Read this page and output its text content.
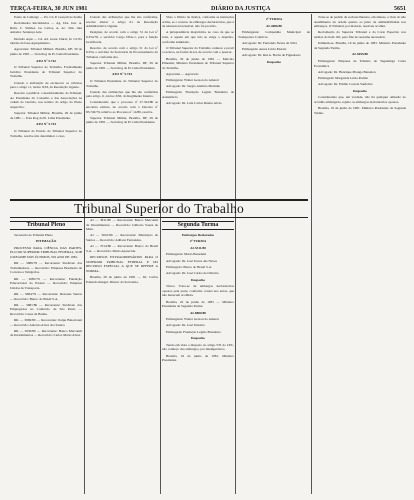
TERÇA-FEIRA, 30 JUN 1981	DIÁRIO DA JUSTIÇA	5651

Ponto de Camargo — Pá. Cd. P. Gonçalves Zenha

Reclamados Reclamados — Ag. Dra. Jurí. A. Rubs. C. Simões. Go Carlos, A. Ac. Sim. Juiz Amador. Sentença Arte.

Decisão Aqui — Cd. Ad. Gonz. Durai, D. Cd Pó tabelas da base Agrupamento.

Agravante: Tribunal Millard. Brasília, DF, 30 de junho de 1981 — Ivan Rog da Pt. Lima Presidente.

ATO Nº 5.742

O Tribunal Superior do Trabalho, Formalmente Jurídico Presidente do Tribunal Superior do Trabalho.

Usando a atribuição de esclarecer os cálculos para o artigo 11, inciso XXI, da Resolução vigente.

Resolve a publicar o desdobramento do Tribunal. Ao Presidente do Conselho e das Associações na ordem do vencido, nos termos do artigo do Pleno respectivo.

Superior Tribunal Militar, Brasília, 29 de junho de 1981 — Ivan Rog da Pt. Lima Presidente.

ATO Nº 5.743

O Tribunal do Estado do Tribunal Superior do Trabalho, resolve não determinar o caso.

Usando das atribuições que lhe são conferidas, resolve alterar o artigo 61 da Resolução Administrativa vigente.

Designar, de acordo com o artigo 31 da Lei nº 6.354/76, o servidor Cargo DSA-1, para a função Gratificada.

Resolve, de acordo com o artigo 31 da Lei nº 6.354, o servidor da Secretaria de Processamento do Tribunal, conforme Ato.

Superior Tribunal Militar, Brasília, DF, 29 de junho de 1981 — Ivan Rog da Pt. Lima Presidente.

ATO Nº 5.744

O Tribunal Presidente do Tribunal Superior do Trabalho.

Usando das atribuições que lhe são conferidas pelo artigo 11, inciso XXI, do Regimento Interno.

Considerando que o processo nº 27.324/80 se encontra extinto, de acordo com o Decreto nº 83.740/79, relativo ao Processo nº 14/80, resolve.

Superior Tribunal Militar, Brasília, DF, 29 de junho de 1981 — Ivan Rog da Pt. Lima Presidente.

Visto o Diário da Justiça, conforme as instruções acima, se o recurso de embargos declaratórios, que é de natureza irrecusável, não foi provido.

A jurisprudência majoritária, no caso de que se trata, é aquele em que não se exige o depósito, conforme sumulado.

O Tribunal Superior do Trabalho conhece e provê o recurso, na forma da lei, de acordo com o parecer.

Brasília, 30 de junho de 1981 — Marcelo Pimentel, Ministro Presidente do Tribunal Superior do Trabalho.

Agravante — Agravado

Embargante: Walter Gerson do Amaral

Advogado: Dr. Sergio Antônio Marinho

Embargada: Fundação Legião Brasileira de Assistência

Advogado: Dr. Luiz Carlos Duarte Alves

Tribunal Superior do Trabalho

Tribunal Pleno

Secretaria do Tribunal Pleno

INTIMAÇÃO

PROCESSO PARA CIÊNCIA DAS PARTES, ELO DO SUPERIOR TRIBUNAL FEDERAL, SOB O REGIME DOS ÚLTIMOS, NO ANO DE 1981.

RR — 3686/79 — Recorrente: Sindicato dos Trabalhadores — Recorrido: Empresa Brasileira de Correios e Telégrafos.

RR — 3685/79 — Recorrente: Fundação Educacional do Paraná — Recorrido: Empresa Unidos de Transporte.

RR — 3684/79 — Recorrente: Dezonas Santos — Recorrido: Banco do Brasil S.A.

RR — 3681/80 — Recorrente: Sindicato dos Empregados no Comércio de São Paulo — Recorrido: Casas da Banha.

RR — 3669/80 — Recorrente: Itaipu Binacional — Recorrido: Antonio Alves dos Santos.

RR — 3650/80 — Recorrente: Banco Mercantil de Investimentos — Recorrido: Carlos Mario Alves.

AI — 3811/80 — Recorrente: Banco Mercantil de Investimentos — Recorrido: Gilberto Souza de Melo.

AI — 3010/80 — Recorrente: Município de Santos — Recorrido: Adilson Fernandes.

AI — 7014/80 — Recorrente: Banco do Brasil S.A. — Recorrido: Maria Aparecida.

RECURSOS EXTRAORDINÁRIOS PARA O SUPERIOR TRIBUNAL FEDERAL E DO RECURSO ESPECIAL A QUE SE REFERE A NORMA.

Brasília, 29 de junho de 1981 — Dr. Carlos Eduardo Rangel, Diretor da Secretaria.

Segunda Turma

Embargos Declarados

2ª TURMA

AI-5311/80

Embargante: Mario Benedetti

Advogado: Dr. José Torres das Neves

Embargado: Banco do Brasil S.A.

Advogado: Dr. José Carlos de Oliveira

Despacho

Vistos. Trata-se de embargos declaratórios opostos pela parte, conforme consta nos autos, que não merecem acolhida.

Brasília, 22 de junho de 1981 — Ministro Presidente da Segunda Turma.

AI-8880/80

Embargante: Walter Gerson do Amaral

Advogado: Dr. José Teixeira

Embargada: Fundação Legião Brasileira

Despacho

Tendo em vista o disposto no artigo 535 do CPC, não conheço dos embargos, por intempestivos.

Brasília, 16 de junho de 1981. Ministro Presidente.

2ª TURMA

AI-4686/80

Embargante: Companhia Municipal de Transportes Coletivos

Advogado: Dr. Fernando Neves da Silva

Embargada: Aurea Lúcia Morais

Advogado: Dr. Rui A. Borba de Figueiredo

Despacho

Trata-se de pedido de esclarecimentos, em síntese, a vista do não atendimento de ordem quanto ao juízo de admissibilidade nos embargos. O Tribunal, por maioria, resolveu acolher.

Reclamação do Superior Tribunal e da Corte Especial, nos termos do item 102, para fins de reexame necessário.

Intimem-se. Brasília, 16 de junho de 1981. Ministro Presidente da Segunda Turma.

AI-5055/80

Embargante: Empresa de Trânsito de Taguatinga Caixa Econômica

Advogado: Dr. Henrique Pitanga Benadon

Embargada: Margarida Lúcia Pombo

Advogado: Dr. Emílio Correia Sanfelice

Despacho

Considerando que, em verdade, não há qualquer omissão no acórdão embargado, rejeito os embargos declaratórios opostos.

Brasília, 16 de junho de 1981. Ministro Presidente da Segunda Turma.
